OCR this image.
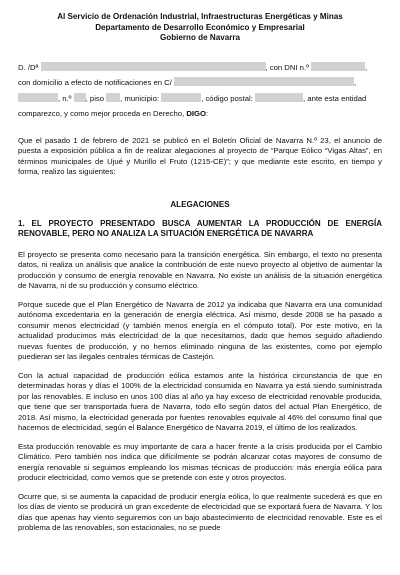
Al Servicio de Ordenación Industrial, Infraestructuras Energéticas y Minas
Departamento de Desarrollo Económico y Empresarial
Gobierno de Navarra
D. /Dª	, con DNI n.º	,
con domicilio a efecto de notificaciones en C/	,
, n.º , piso , municipio:	, código postal:	, ante esta entidad
comparezco, y como mejor proceda en Derecho, DIGO:

Que el pasado 1 de febrero de 2021 se publicó en el Boletín Oficial de Navarra N.º 23, el anuncio de puesta a exposición pública a fin de realizar alegaciones al proyecto de “Parque Eólico “Vigas Altas”, en términos municipales de Ujué y Murillo el Fruto (1215-CE)”; y que mediante este escrito, en tiempo y forma, realizo las siguientes:

ALEGACIONES
1. EL PROYECTO PRESENTADO BUSCA AUMENTAR LA PRODUCCIÓN DE ENERGÍA RENOVABLE, PERO NO ANALIZA LA SITUACIÓN ENERGÉTICA DE NAVARRA

El proyecto se presenta como necesario para la transición energética. Sin embargo, el texto no presenta datos, ni realiza un análisis que analice la contribución de este nuevo proyecto al objetivo de aumentar la producción y consumo de energía renovable en Navarra. No existe un análisis de la situación energética de Navarra, ni de su producción y consumo eléctrico.

Porque sucede que el Plan Energético de Navarra de 2012 ya indicaba que Navarra era una comunidad autónoma excedentaria en la generación de energía eléctrica. Así mismo, desde 2008 se ha pasado a consumir menos electricidad (y también menos energía en el cómputo total). Por este motivo, en la actualidad producimos más electricidad de la que necesitamos, dado que hemos seguido añadiendo nuevas fuentes de producción, y no hemos eliminado ninguna de las existentes, como por ejemplo puedieran ser las ilegales centrales térmicas de Castejón.

Con la actual capacidad de producción eólica estamos ante la histórica circunstancia de que en determinadas horas y días el 100% de la electricidad consumida en Navarra ya está siendo suministrada por las renovables. E incluso en unos 100 días al año ya hay exceso de electricidad renovable producida, que tiene que ser transportada fuera de Navarra, todo ello según datos del actual Plan Energético, de 2018. Así mismo, la electricidad generada por fuentes renovables equivale al 46% del consumo final que hacemos de electricidad, según el Balance Energético de Navarra 2019, el último de los realizados.

Esta producción renovable es muy importante de cara a hacer frente a la crisis producida por el Cambio Climático. Pero también nos indica que difícilmente se podrán alcanzar cotas mayores de consumo de energía renovable si seguimos empleando los mismas técnicas de producción: más energía eólica para producir electricidad, como vemos que se pretende con este y otros proyectos.

Ocurre que, si se aumenta la capacidad de producir energía eólica, lo que realmente sucederá es que en los días de viento se producirá un gran excedente de electricidad que se exportará fuera de Navarra. Y los días que apenas hay viento seguiremos con un bajo abastecimiento de electricidad renovable. Este es el problema de las renovables, son estacionales, no se puede
